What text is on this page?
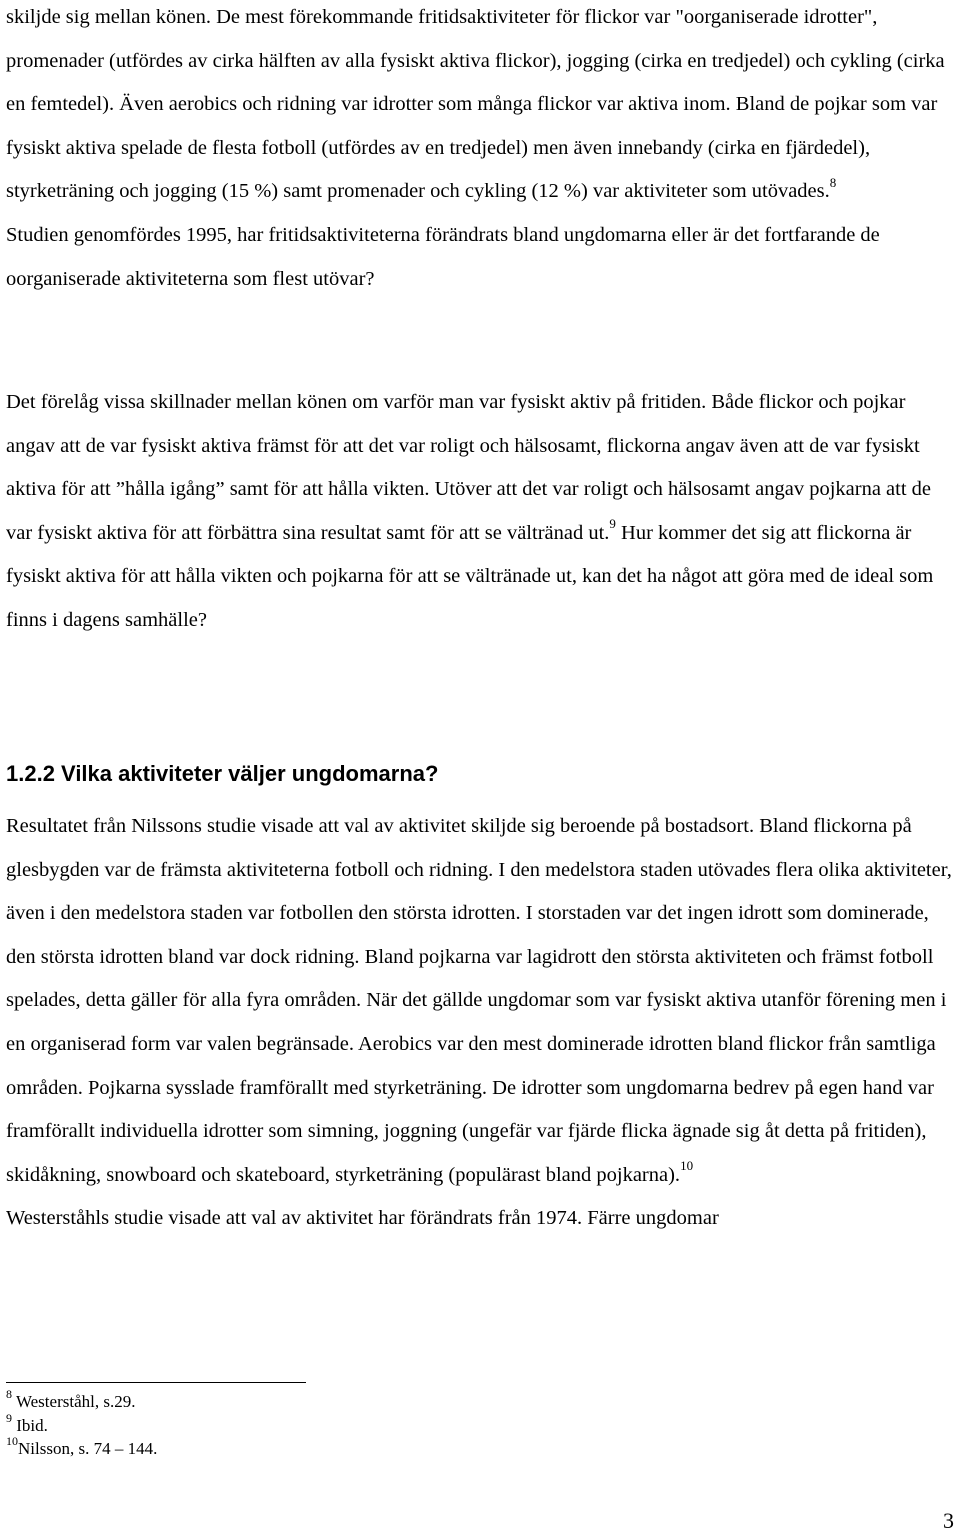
skiljde sig mellan könen. De mest förekommande fritidsaktiviteter för flickor var "oorganiserade idrotter", promenader (utfördes av cirka hälften av alla fysiskt aktiva flickor), jogging (cirka en tredjedel) och cykling (cirka en femtedel). Även aerobics och ridning var idrotter som många flickor var aktiva inom. Bland de pojkar som var fysiskt aktiva spelade de flesta fotboll (utfördes av en tredjedel) men även innebandy (cirka en fjärdedel), styrketräning och jogging (15 %) samt promenader och cykling (12 %) var aktiviteter som utövades.$^8$
Studien genomfördes 1995, har fritidsaktiviteterna förändrats bland ungdomarna eller är det fortfarande de oorganiserade aktiviteterna som flest utövar?

Det förelåg vissa skillnader mellan könen om varför man var fysiskt aktiv på fritiden. Både flickor och pojkar angav att de var fysiskt aktiva främst för att det var roligt och hälsosamt, flickorna angav även att de var fysiskt aktiva för att ”hålla igång” samt för att hålla vikten. Utöver att det var roligt och hälsosamt angav pojkarna att de var fysiskt aktiva för att förbättra sina resultat samt för att se vältränad ut.$^9$ Hur kommer det sig att flickorna är fysiskt aktiva för att hålla vikten och pojkarna för att se vältränade ut, kan det ha något att göra med de ideal som finns i dagens samhälle?

1.2.2 Vilka aktiviteter väljer ungdomarna?

Resultatet från Nilssons studie visade att val av aktivitet skiljde sig beroende på bostadsort. Bland flickorna på glesbygden var de främsta aktiviteterna fotboll och ridning. I den medelstora staden utövades flera olika aktiviteter, även i den medelstora staden var fotbollen den största idrotten. I storstaden var det ingen idrott som dominerade, den största idrotten bland var dock ridning. Bland pojkarna var lagidrott den största aktiviteten och främst fotboll spelades, detta gäller för alla fyra områden. När det gällde ungdomar som var fysiskt aktiva utanför förening men i en organiserad form var valen begränsade. Aerobics var den mest dominerade idrotten bland flickor från samtliga områden. Pojkarna sysslade framförallt med styrketräning. De idrotter som ungdomarna bedrev på egen hand var framförallt individuella idrotter som simning, joggning (ungefär var fjärde flicka ägnade sig åt detta på fritiden), skidåkning, snowboard och skateboard, styrketräning (populärast bland pojkarna).$^{10}$
Westerståhls studie visade att val av aktivitet har förändrats från 1974. Färre ungdomar

$^8$ Westerståhl, s.29.
$^9$ Ibid.
$^{10}$Nilsson, s. 74 – 144.
3
